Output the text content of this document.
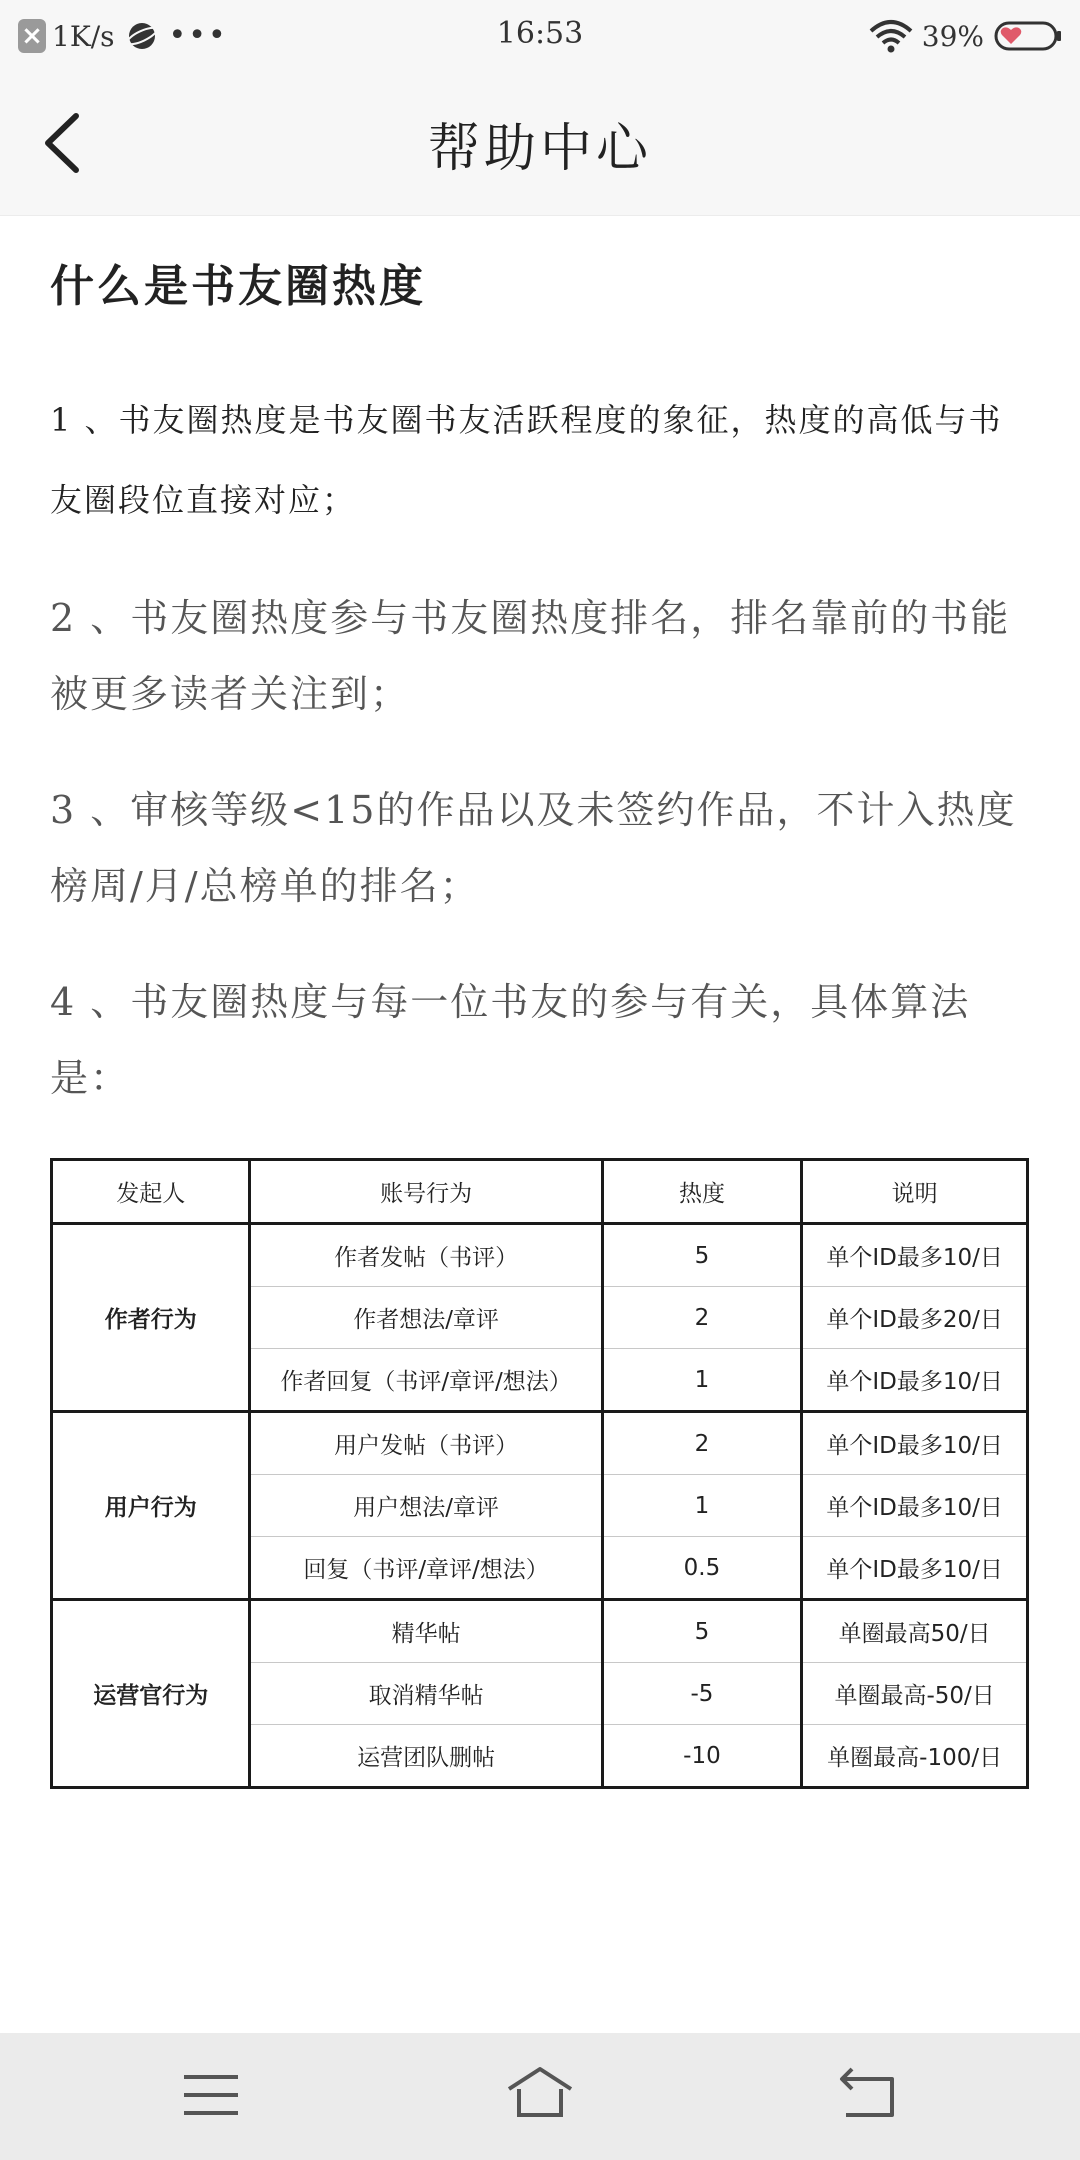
× 1K/s •••	16:53	39%
帮助中心
什么是书友圈热度

1 、书友圈热度是书友圈书友活跃程度的象征，热度的高低与书友圈段位直接对应；

2 、书友圈热度参与书友圈热度排名，排名靠前的书能被更多读者关注到；

3 、审核等级<15的作品以及未签约作品，不计入热度榜周/月/总榜单的排名；

4 、书友圈热度与每一位书友的参与有关，具体算法是：

发起人	账号行为	热度	说明
作者行为	作者发帖（书评）	5	单个ID最多10/日
	作者想法/章评	2	单个ID最多20/日
	作者回复（书评/章评/想法）	1	单个ID最多10/日
用户行为	用户发帖（书评）	2	单个ID最多10/日
	用户想法/章评	1	单个ID最多10/日
	回复（书评/章评/想法）	0.5	单个ID最多10/日
运营官行为	精华帖	5	单圈最高50/日
	取消精华帖	-5	单圈最高-50/日
	运营团队删帖	-10	单圈最高-100/日
